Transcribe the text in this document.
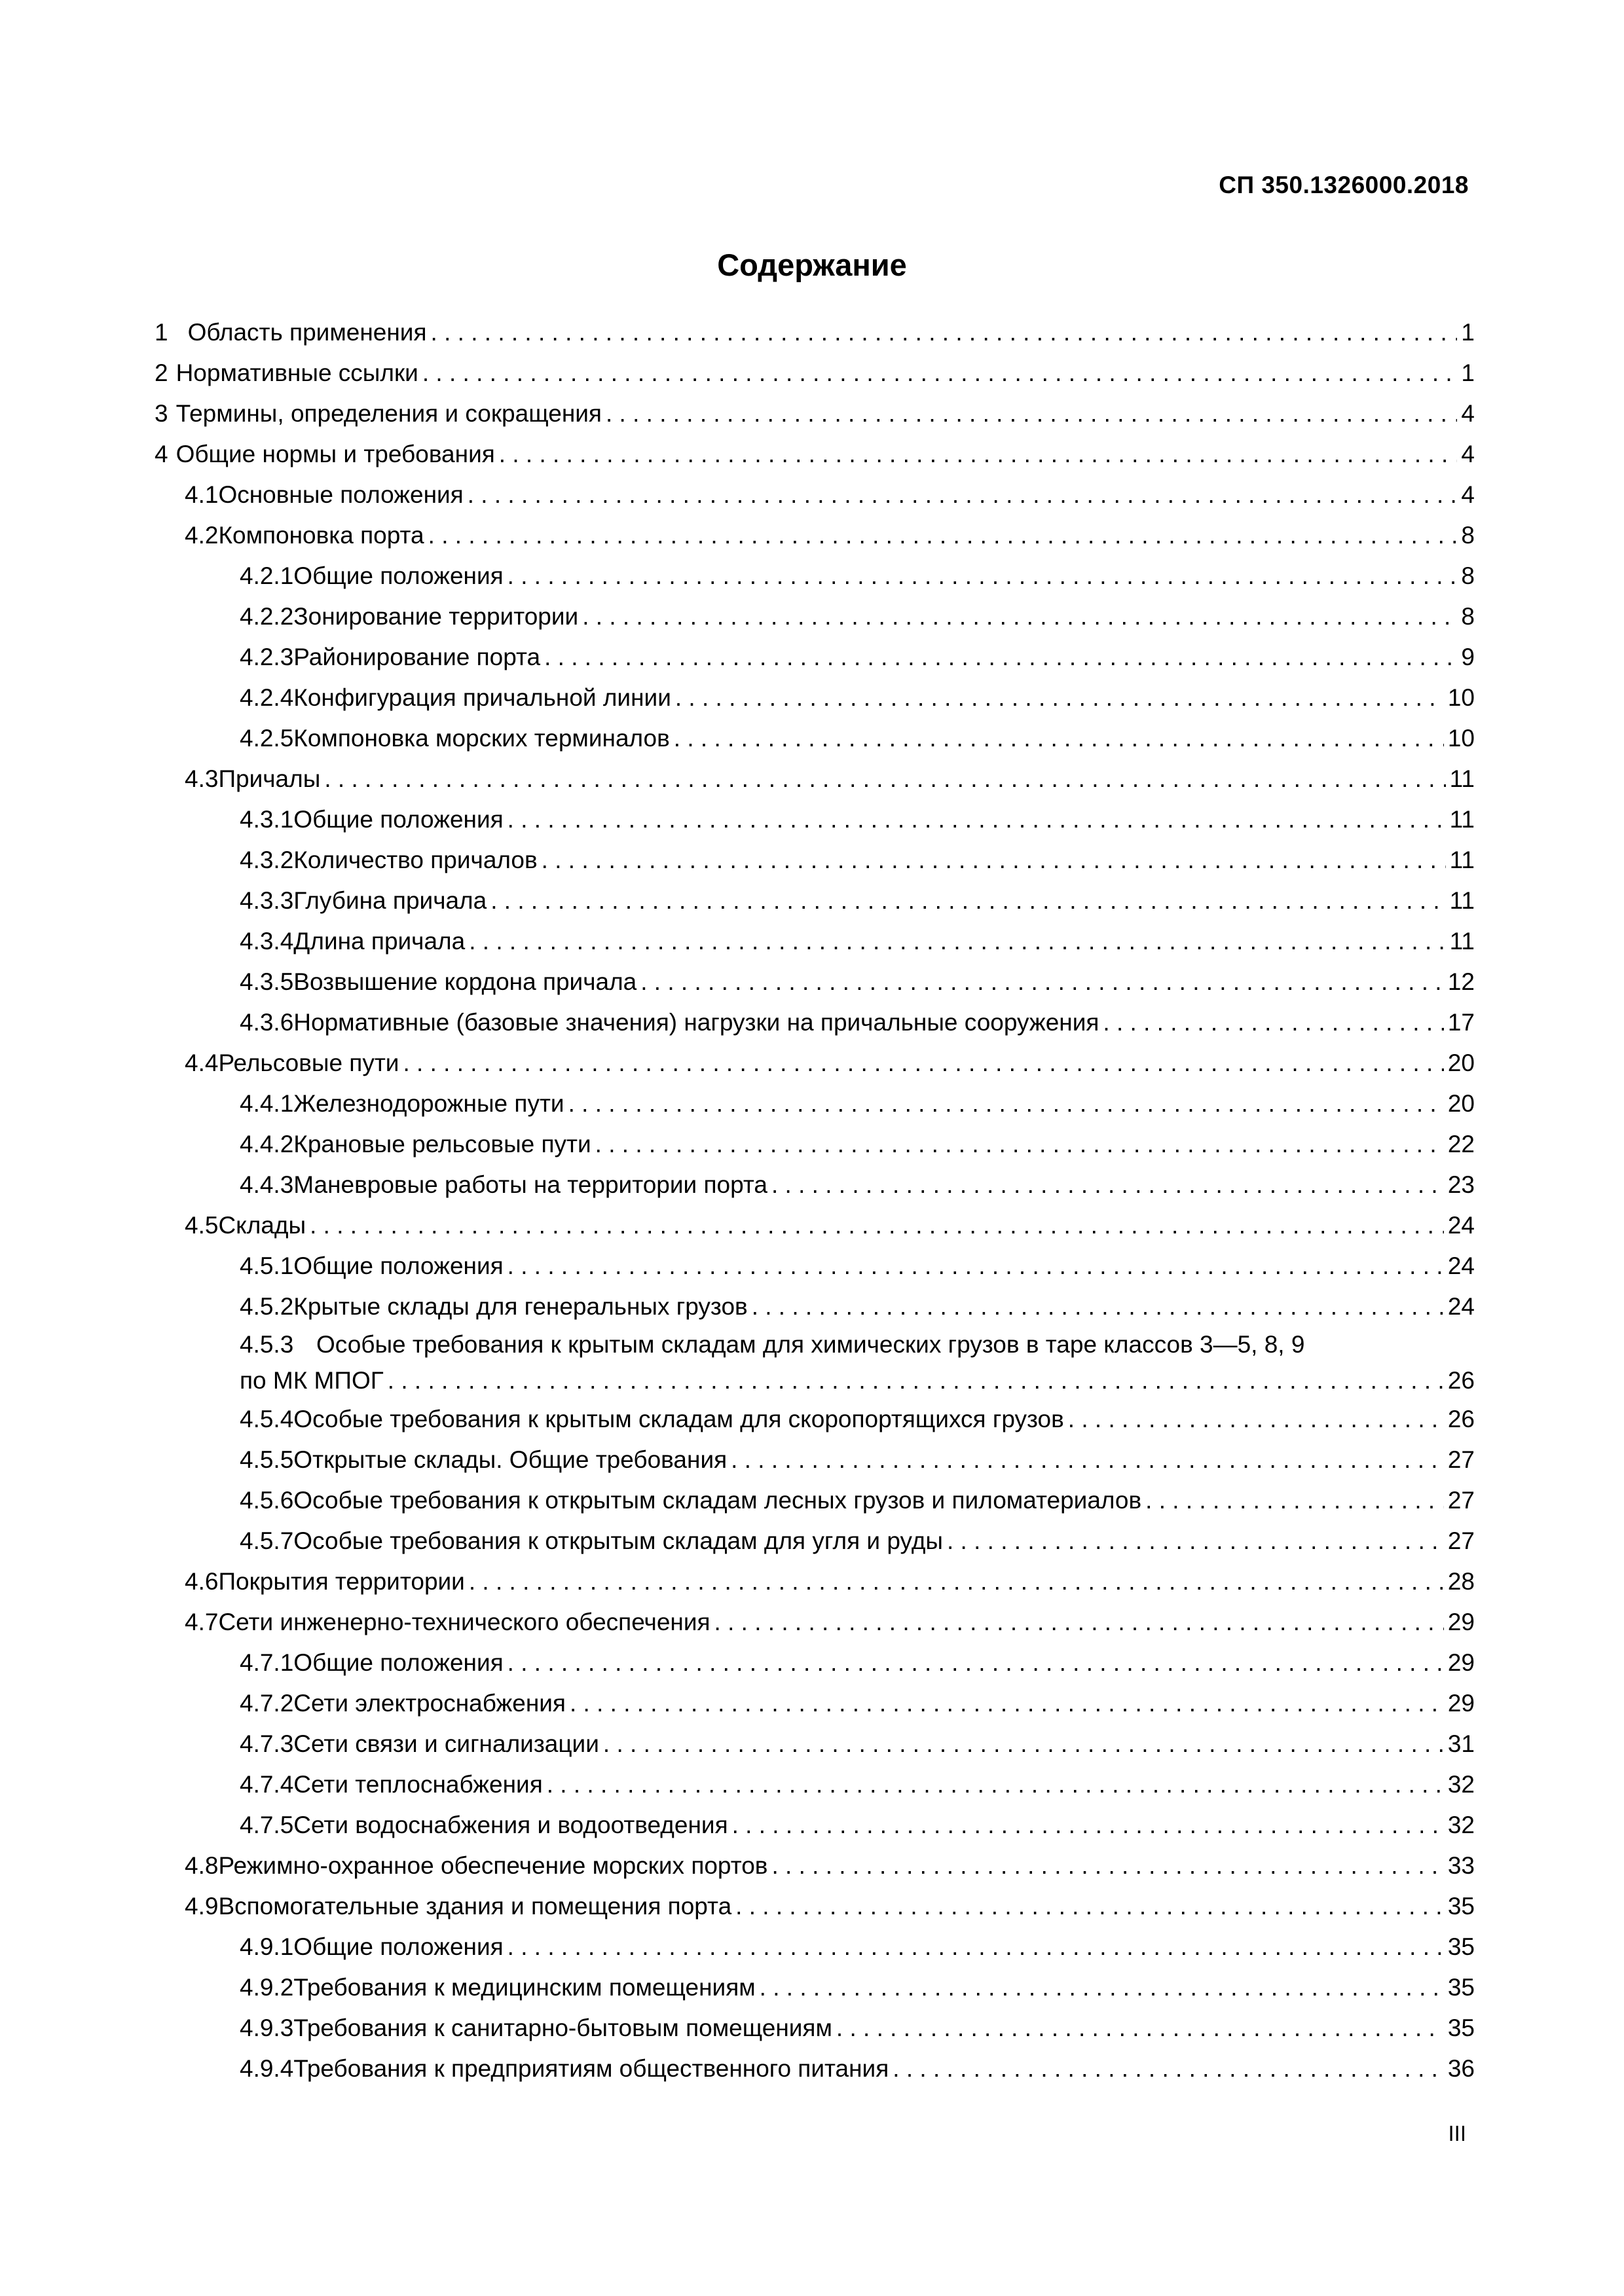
СП 350.1326000.2018
Содержание
1 Область применения . . .	1
2 Нормативные ссылки . . .	1
3 Термины, определения и сокращения . . .	4
4 Общие нормы и требования . . .	4
4.1 Основные положения . . .	4
4.2 Компоновка порта . . .	8
4.2.1 Общие положения . . .	8
4.2.2 Зонирование территории . . .	8
4.2.3 Районирование порта . . .	9
4.2.4 Конфигурация причальной линии . . .	10
4.2.5 Компоновка морских терминалов . . .	10
4.3 Причалы . . .	11
4.3.1 Общие положения . . .	11
4.3.2 Количество причалов . . .	11
4.3.3 Глубина причала . . .	11
4.3.4 Длина причала . . .	11
4.3.5 Возвышение кордона причала . . .	12
4.3.6 Нормативные (базовые значения) нагрузки на причальные сооружения . . .	17
4.4 Рельсовые пути . . .	20
4.4.1 Железнодорожные пути . . .	20
4.4.2 Крановые рельсовые пути . . .	22
4.4.3 Маневровые работы на территории порта . . .	23
4.5 Склады . . .	24
4.5.1 Общие положения . . .	24
4.5.2 Крытые склады для генеральных грузов . . .	24
4.5.3 Особые требования к крытым складам для химических грузов в таре классов 3—5, 8, 9
по МК МПОГ . . .	26
4.5.4 Особые требования к крытым складам для скоропортящихся грузов . . .	26
4.5.5 Открытые склады. Общие требования . . .	27
4.5.6 Особые требования к открытым складам лесных грузов и пиломатериалов . . .	27
4.5.7 Особые требования к открытым складам для угля и руды . . .	27
4.6 Покрытия территории . . .	28
4.7 Сети инженерно-технического обеспечения . . .	29
4.7.1 Общие положения . . .	29
4.7.2 Сети электроснабжения . . .	29
4.7.3 Сети связи и сигнализации . . .	31
4.7.4 Сети теплоснабжения . . .	32
4.7.5 Сети водоснабжения и водоотведения . . .	32
4.8 Режимно-охранное обеспечение морских портов . . .	33
4.9 Вспомогательные здания и помещения порта . . .	35
4.9.1 Общие положения . . .	35
4.9.2 Требования к медицинским помещениям . . .	35
4.9.3 Требования к санитарно-бытовым помещениям . . .	35
4.9.4 Требования к предприятиям общественного питания . . .	36
III
